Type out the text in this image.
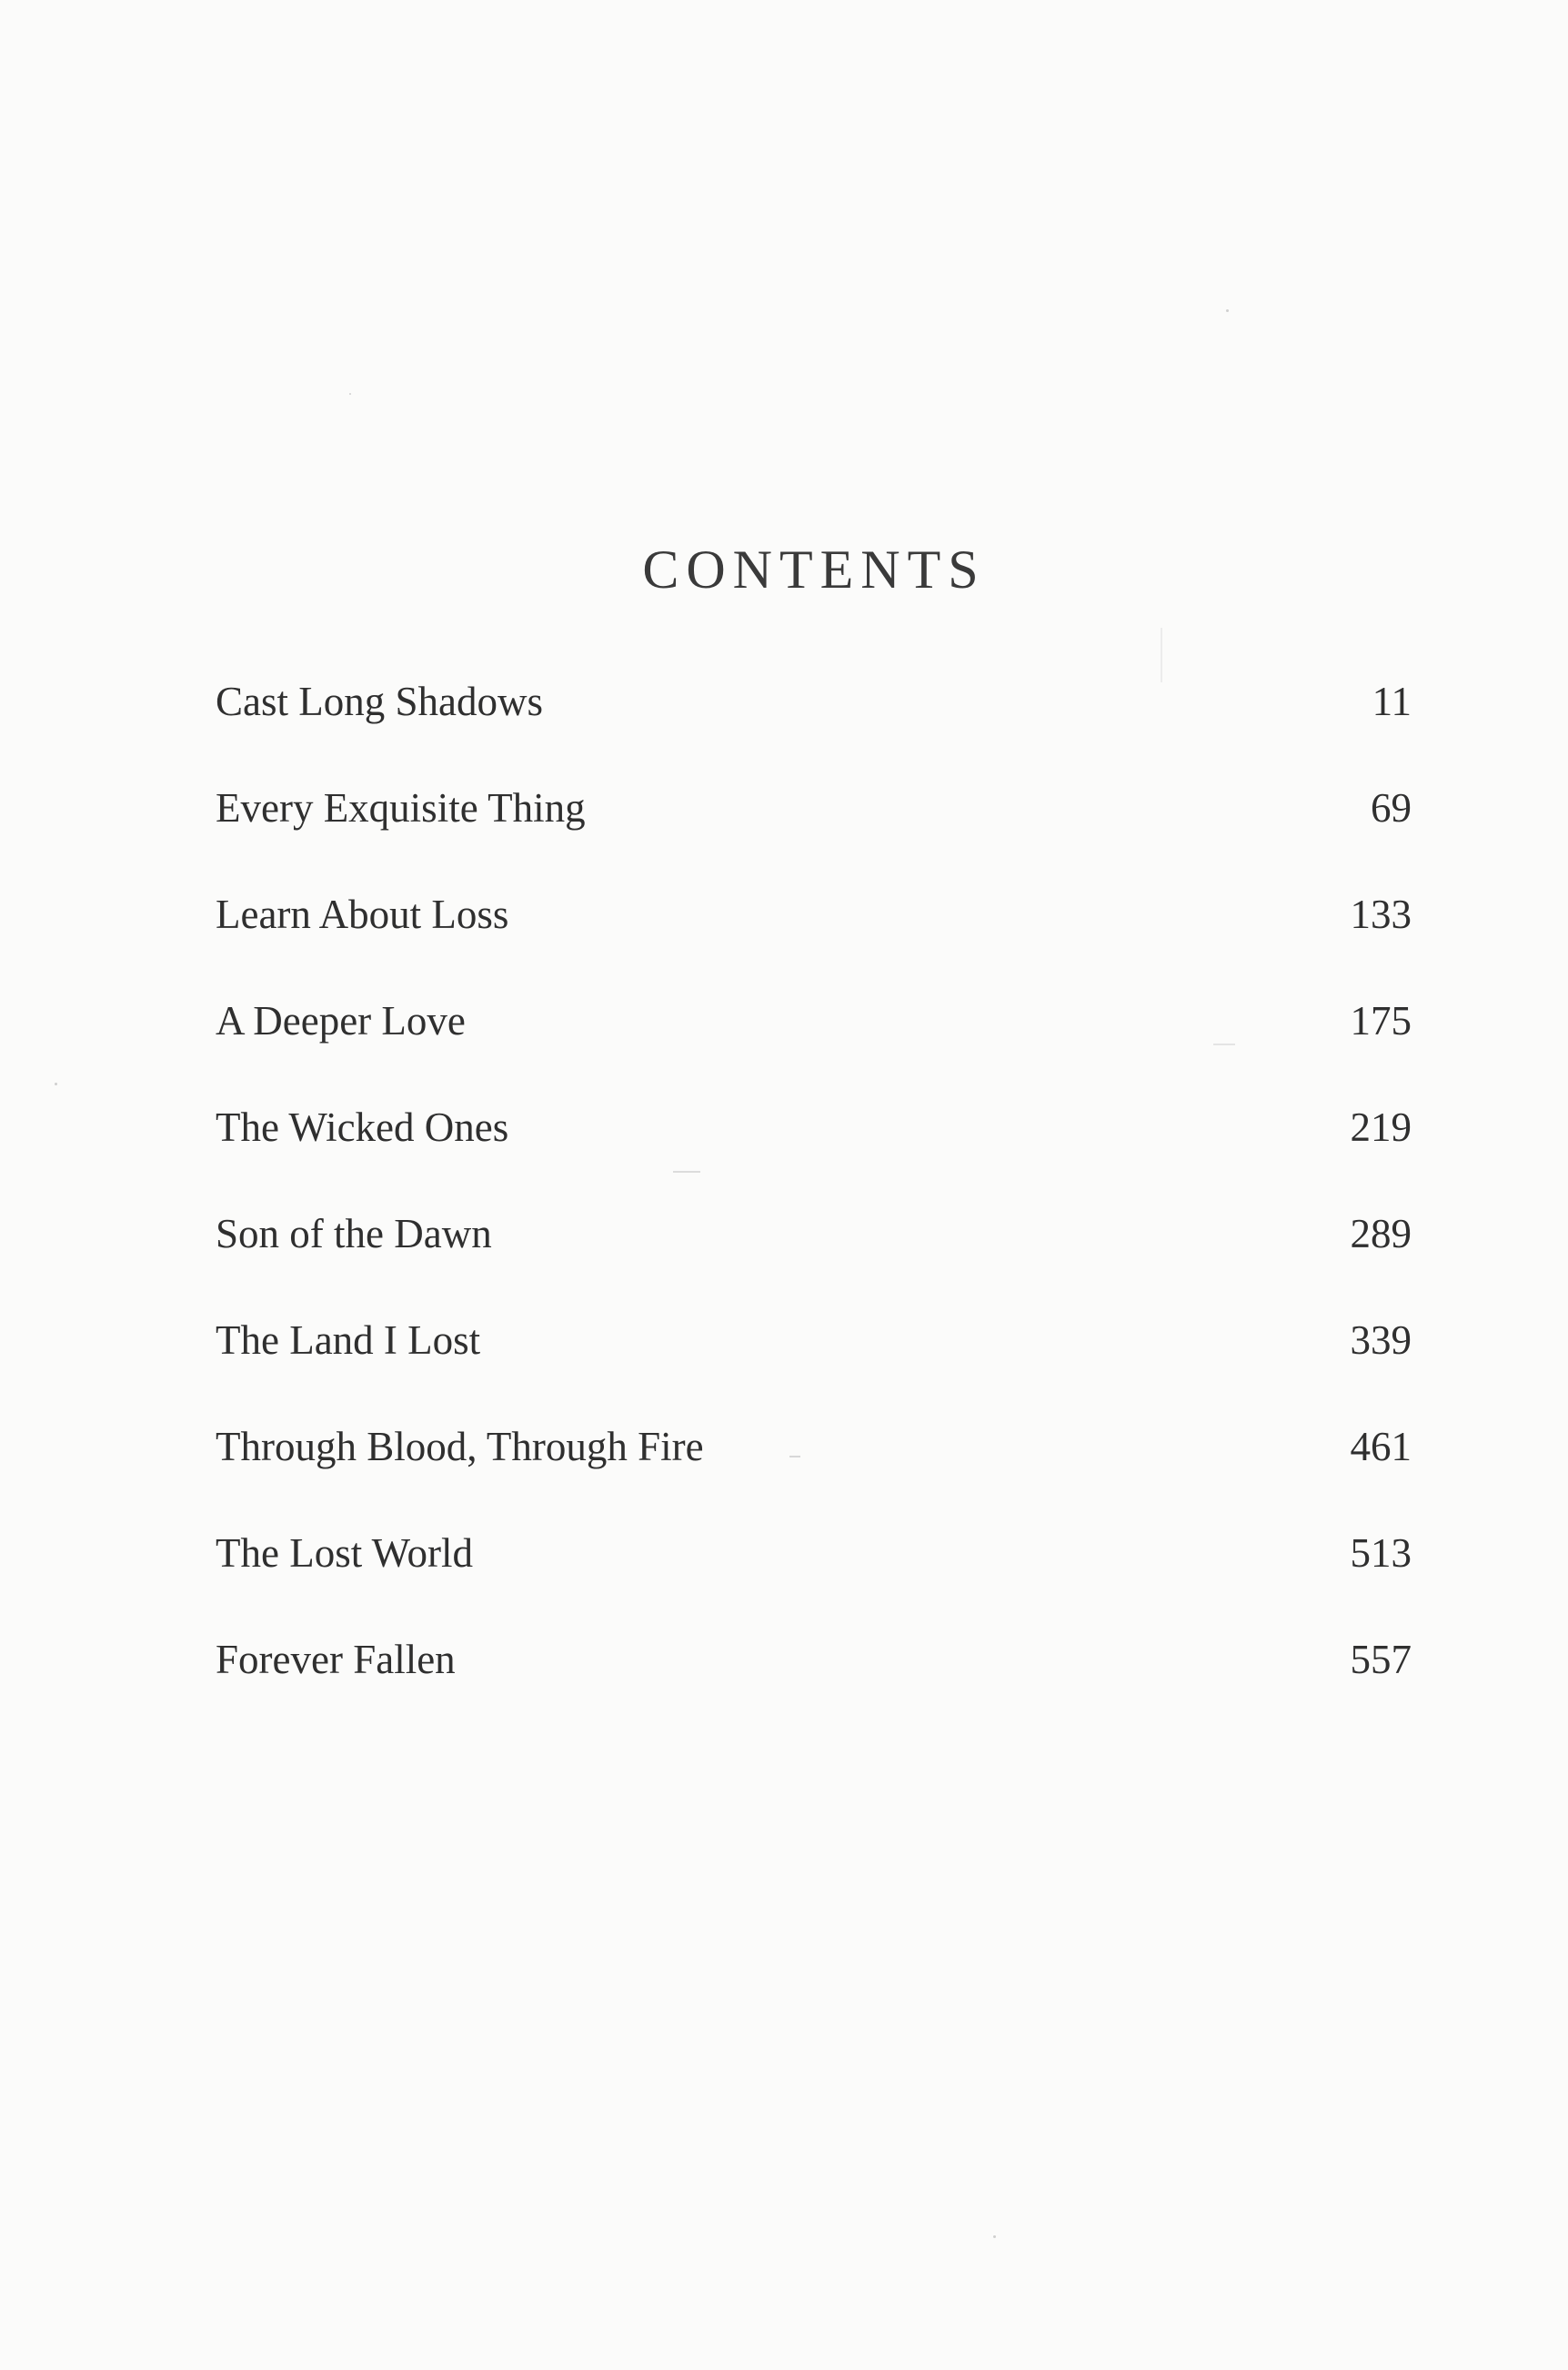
CONTENTS
Cast Long Shadows	11
Every Exquisite Thing	69
Learn About Loss	133
A Deeper Love	175
The Wicked Ones	219
Son of the Dawn	289
The Land I Lost	339
Through Blood, Through Fire	461
The Lost World	513
Forever Fallen	557
